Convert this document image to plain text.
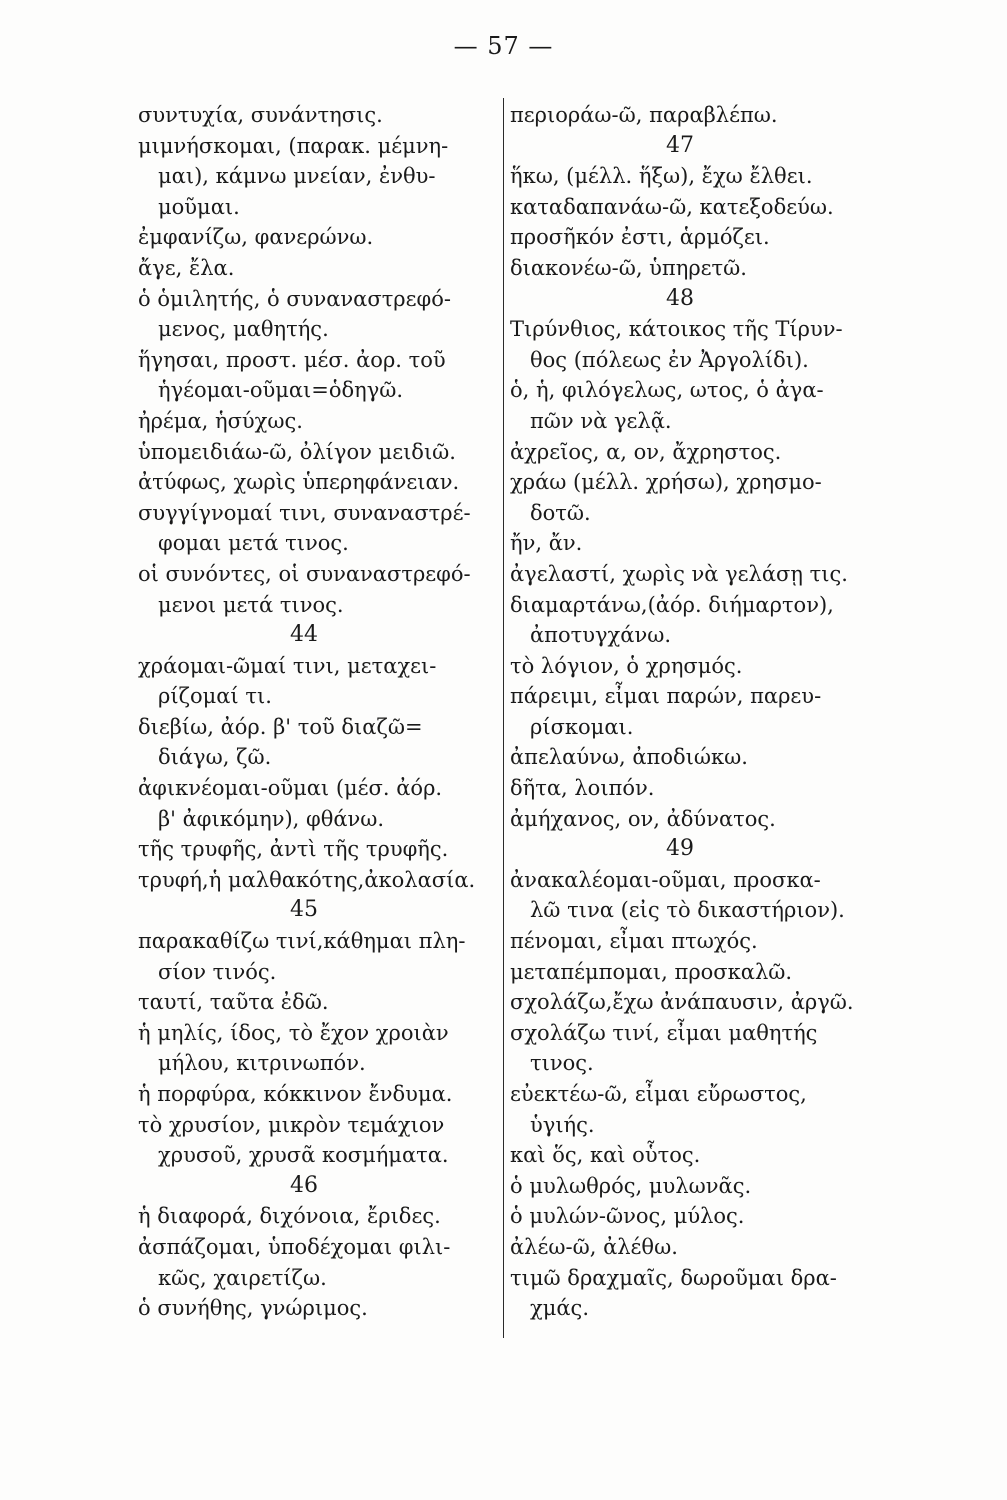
— 57 —
συντυχία, συνάντησις.
μιμνήσκομαι, (παρακ. μέμνη-
μαι), κάμνω μνείαν, ἐνθυ-
μοῦμαι.
ἐμφανίζω, φανερώνω.
ἄγε, ἔλα.
ὁ ὁμιλητής, ὁ συναναστρεφό-
μενος, μαθητής.
ἥγησαι, προστ. μέσ. ἀορ. τοῦ
ἡγέομαι-οῦμαι=ὁδηγῶ.
ἠρέμα, ἡσύχως.
ὑπομειδιάω-ῶ, ὀλίγον μειδιῶ.
ἀτύφως, χωρὶς ὑπερηφάνειαν.
συγγίγνομαί τινι, συναναστρέ-
φομαι μετά τινος.
οἱ συνόντες, οἱ συναναστρεφό-
μενοι μετά τινος.
44
χράομαι-ῶμαί τινι, μεταχει-
ρίζομαί τι.
διεβίω, ἀόρ. β' τοῦ διαζῶ=
διάγω, ζῶ.
ἀφικνέομαι-οῦμαι (μέσ. ἀόρ.
β' ἀφικόμην), φθάνω.
τῆς τρυφῆς, ἀντὶ τῆς τρυφῆς.
τρυφή,ἡ μαλθακότης,ἀκολασία.
45
παρακαθίζω τινί,κάθημαι πλη-
σίον τινός.
ταυτί, ταῦτα ἐδῶ.
ἡ μηλίς, ίδος, τὸ ἔχον χροιὰν
μήλου, κιτρινωπόν.
ἡ πορφύρα, κόκκινον ἔνδυμα.
τὸ χρυσίον, μικρὸν τεμάχιον
χρυσοῦ, χρυσᾶ κοσμήματα.
46
ἡ διαφορά, διχόνοια, ἔριδες.
ἀσπάζομαι, ὑποδέχομαι φιλι-
κῶς, χαιρετίζω.
ὁ συνήθης, γνώριμος.
περιοράω-ῶ, παραβλέπω.
47
ἥκω, (μέλλ. ἥξω), ἔχω ἔλθει.
καταδαπανάω-ῶ, κατεξοδεύω.
προσῆκόν ἐστι, ἁρμόζει.
διακονέω-ῶ, ὑπηρετῶ.
48
Τιρύνθιος, κάτοικος τῆς Τίρυν-
θος (πόλεως ἐν Ἀργολίδι).
ὁ, ἡ, φιλόγελως, ωτος, ὁ ἀγα-
πῶν νὰ γελᾷ.
ἀχρεῖος, α, ον, ἄχρηστος.
χράω (μέλλ. χρήσω), χρησμο-
δοτῶ.
ἤν, ἄν.
ἀγελαστί, χωρὶς νὰ γελάσῃ τις.
διαμαρτάνω,(ἀόρ. διήμαρτον),
ἀποτυγχάνω.
τὸ λόγιον, ὁ χρησμός.
πάρειμι, εἶμαι παρών, παρευ-
ρίσκομαι.
ἀπελαύνω, ἀποδιώκω.
δῆτα, λοιπόν.
ἀμήχανος, ον, ἀδύνατος.
49
ἀνακαλέομαι-οῦμαι, προσκα-
λῶ τινα (εἰς τὸ δικαστήριον).
πένομαι, εἶμαι πτωχός.
μεταπέμπομαι, προσκαλῶ.
σχολάζω,ἔχω ἀνάπαυσιν, ἀργῶ.
σχολάζω τινί, εἶμαι μαθητής
τινος.
εὐεκτέω-ῶ, εἶμαι εὔρωστος,
ὑγιής.
καὶ ὅς, καὶ οὗτος.
ὁ μυλωθρός, μυλωνᾶς.
ὁ μυλών-ῶνος, μύλος.
ἀλέω-ῶ, ἀλέθω.
τιμῶ δραχμαῖς, δωροῦμαι δρα-
χμάς.
